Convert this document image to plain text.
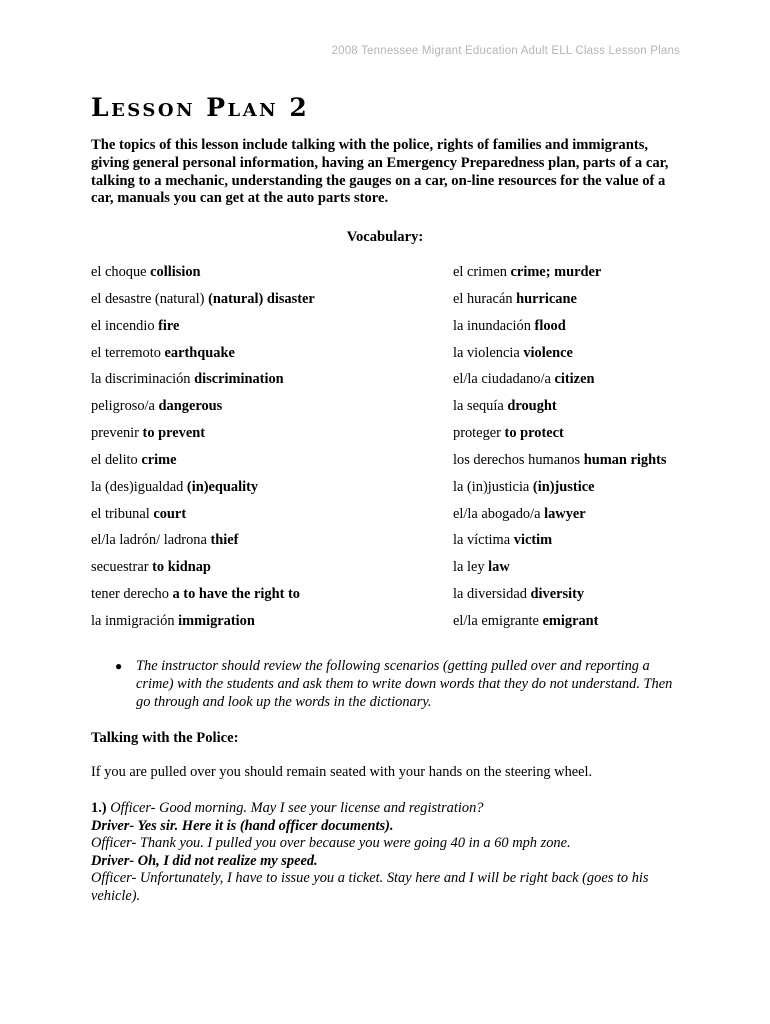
2008 Tennessee Migrant Education Adult ELL Class Lesson Plans
Lesson Plan 2

The topics of this lesson include talking with the police, rights of families and immigrants, giving general personal information, having an Emergency Preparedness plan, parts of a car, talking to a mechanic, understanding the gauges on a car, on-line resources for the value of a car, manuals you can get at the auto parts store.

Vocabulary:

el choque collision
el desastre (natural) (natural) disaster
el incendio fire
el terremoto earthquake
la discriminación discrimination
peligroso/a dangerous
prevenir to prevent
el delito crime
la (des)igualdad (in)equality
el tribunal court
el/la ladrón/ ladrona thief
secuestrar to kidnap
tener derecho a to have the right to
la inmigración immigration
el crimen crime; murder
el huracán hurricane
la inundación flood
la violencia violence
el/la ciudadano/a citizen
la sequía drought
proteger to protect
los derechos humanos human rights
la (in)justicia (in)justice
el/la abogado/a lawyer
la víctima victim
la ley law
la diversidad diversity
el/la emigrante emigrant
● The instructor should review the following scenarios (getting pulled over and reporting a crime) with the students and ask them to write down words that they do not understand. Then go through and look up the words in the dictionary.

Talking with the Police:

If you are pulled over you should remain seated with your hands on the steering wheel.

1.) Officer- Good morning. May I see your license and registration?
Driver- Yes sir. Here it is (hand officer documents).
Officer- Thank you. I pulled you over because you were going 40 in a 60 mph zone.
Driver- Oh, I did not realize my speed.
Officer- Unfortunately, I have to issue you a ticket. Stay here and I will be right back (goes to his vehicle).
